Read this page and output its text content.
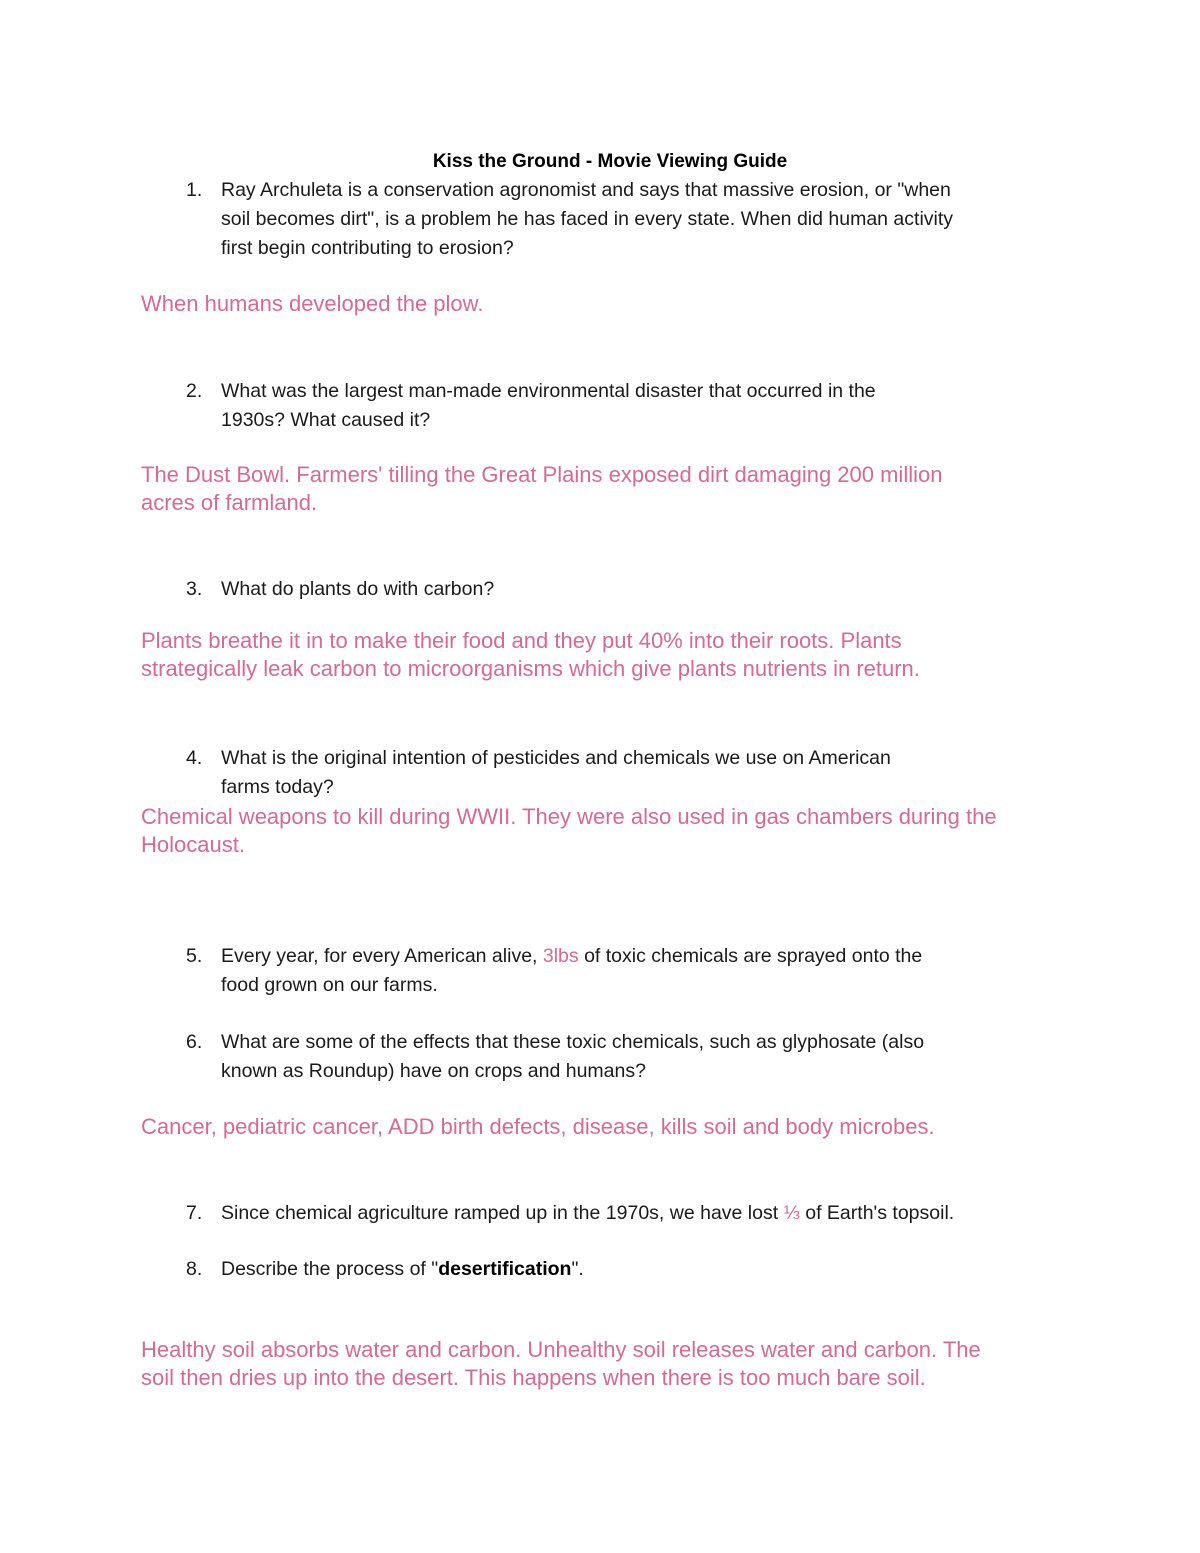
Kiss the Ground - Movie Viewing Guide
1. Ray Archuleta is a conservation agronomist and says that massive erosion, or "when
soil becomes dirt", is a problem he has faced in every state. When did human activity
first begin contributing to erosion?
When humans developed the plow.
2. What was the largest man-made environmental disaster that occurred in the
1930s? What caused it?
The Dust Bowl. Farmers' tilling the Great Plains exposed dirt damaging 200 million
acres of farmland.
3. What do plants do with carbon?
Plants breathe it in to make their food and they put 40% into their roots. Plants
strategically leak carbon to microorganisms which give plants nutrients in return.
4. What is the original intention of pesticides and chemicals we use on American
farms today?
Chemical weapons to kill during WWII. They were also used in gas chambers during the
Holocaust.
5. Every year, for every American alive, 3lbs of toxic chemicals are sprayed onto the
food grown on our farms.
6. What are some of the effects that these toxic chemicals, such as glyphosate (also
known as Roundup) have on crops and humans?
Cancer, pediatric cancer, ADD birth defects, disease, kills soil and body microbes.
7. Since chemical agriculture ramped up in the 1970s, we have lost ⅓ of Earth's topsoil.
8. Describe the process of "desertification".
Healthy soil absorbs water and carbon. Unhealthy soil releases water and carbon. The
soil then dries up into the desert. This happens when there is too much bare soil.
